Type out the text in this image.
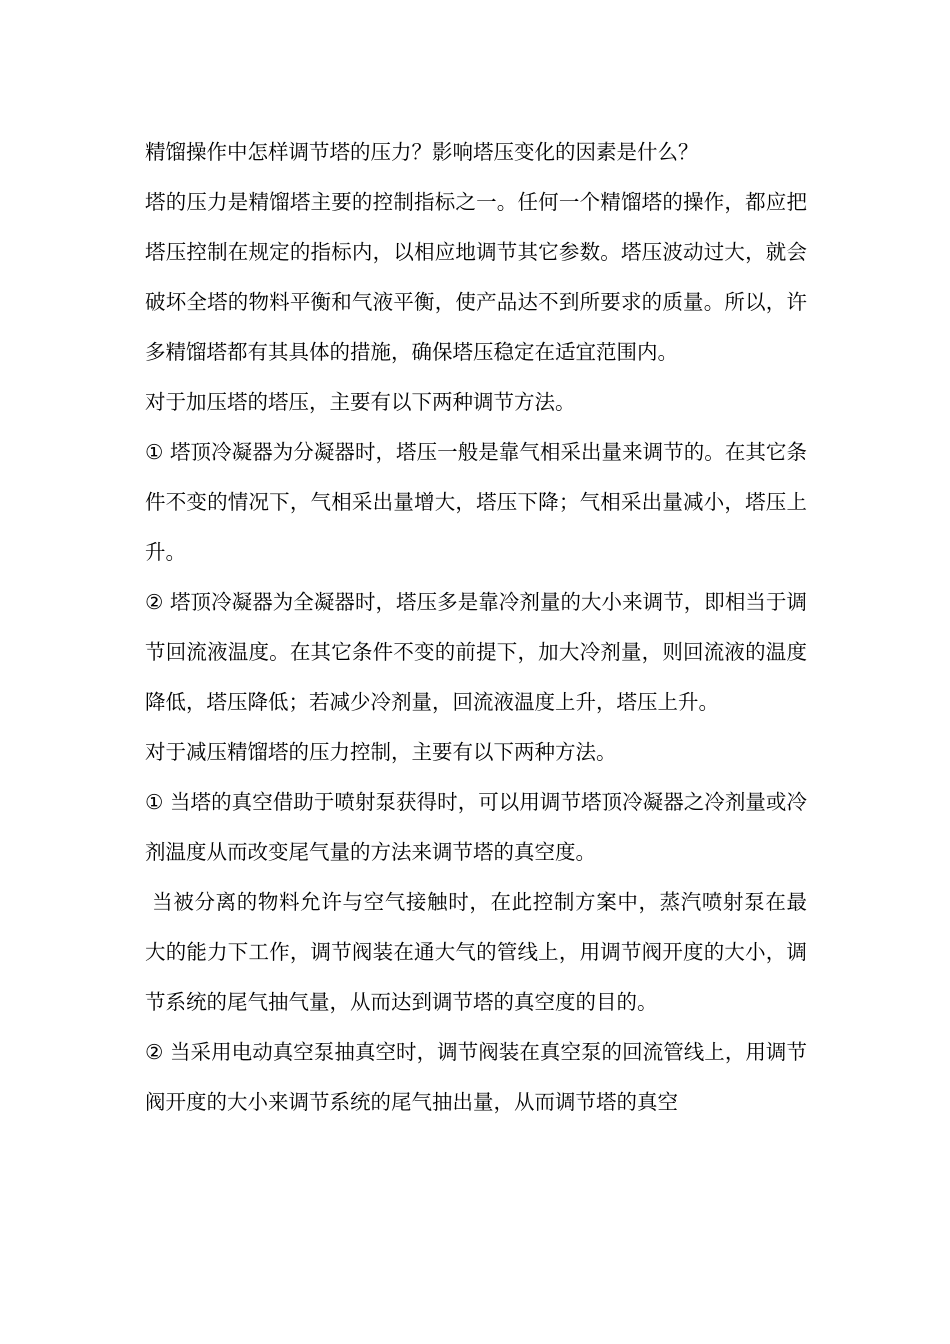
精馏操作中怎样调节塔的压力？影响塔压变化的因素是什么？

塔的压力是精馏塔主要的控制指标之一。任何一个精馏塔的操作，都应把塔压控制在规定的指标内，以相应地调节其它参数。塔压波动过大，就会破坏全塔的物料平衡和气液平衡，使产品达不到所要求的质量。所以，许多精馏塔都有其具体的措施，确保塔压稳定在适宜范围内。

对于加压塔的塔压，主要有以下两种调节方法。

① 塔顶冷凝器为分凝器时，塔压一般是靠气相采出量来调节的。在其它条件不变的情况下，气相采出量增大，塔压下降；气相采出量减小，塔压上升。

② 塔顶冷凝器为全凝器时，塔压多是靠冷剂量的大小来调节，即相当于调节回流液温度。在其它条件不变的前提下，加大冷剂量，则回流液的温度降低，塔压降低；若减少冷剂量，回流液温度上升，塔压上升。

对于减压精馏塔的压力控制，主要有以下两种方法。

① 当塔的真空借助于喷射泵获得时，可以用调节塔顶冷凝器之冷剂量或冷剂温度从而改变尾气量的方法来调节塔的真空度。

当被分离的物料允许与空气接触时，在此控制方案中，蒸汽喷射泵在最大的能力下工作，调节阀装在通大气的管线上，用调节阀开度的大小，调节系统的尾气抽气量，从而达到调节塔的真空度的目的。

② 当采用电动真空泵抽真空时，调节阀装在真空泵的回流管线上，用调节阀开度的大小来调节系统的尾气抽出量，从而调节塔的真空
